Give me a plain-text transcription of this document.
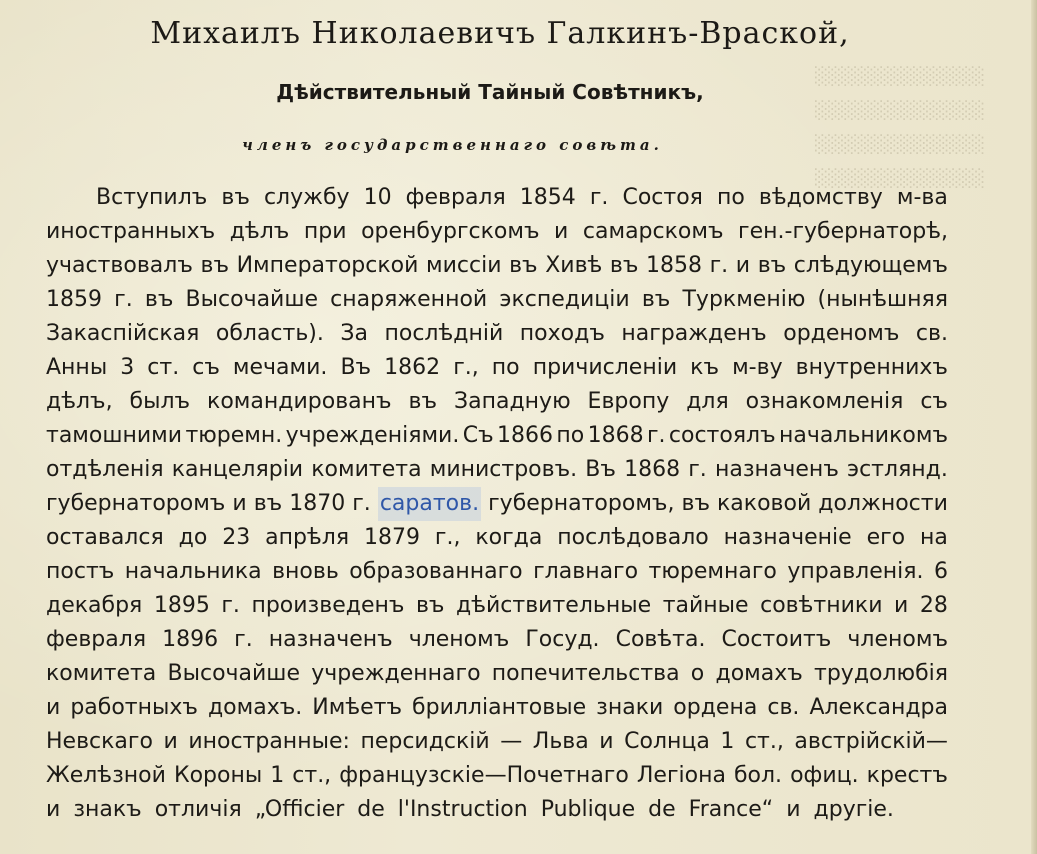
░░░░░░░░░░░░░
░░░░░░░░░░░░░
░░░░░░░░░░░░░
░░░░░░░░░░░░░
Михаилъ Николаевичъ Галкинъ-Враской,
Дѣйствительный Тайный Совѣтникъ,
членъ государственнаго совѣта.
Вступилъ въ службу 10 февраля 1854 г. Состоя по вѣдомству м-ва
иностранныхъ дѣлъ при оренбургскомъ и самарскомъ ген.-губернаторѣ,
участвовалъ въ Императорской миссіи въ Хивѣ въ 1858 г. и въ слѣдующемъ
1859 г. въ Высочайше снаряженной экспедиціи въ Туркменію (нынѣшняя
Закаспійская область). За послѣдній походъ награжденъ орденомъ св.
Анны 3 ст. съ мечами. Въ 1862 г., по причисленіи къ м-ву внутреннихъ
дѣлъ, былъ командированъ въ Западную Европу для ознакомленія съ
тамошними тюремн. учрежденіями. Съ 1866 по 1868 г. состоялъ начальникомъ
отдѣленія канцеляріи комитета министровъ. Въ 1868 г. назначенъ эстлянд.
губернаторомъ и въ 1870 г. саратов. губернаторомъ, въ каковой должности
оставался до 23 апрѣля 1879 г., когда послѣдовало назначеніе его на
постъ начальника вновь образованнаго главнаго тюремнаго управленія. 6
декабря 1895 г. произведенъ въ дѣйствительные тайные совѣтники и 28
февраля 1896 г. назначенъ членомъ Госуд. Совѣта. Состоитъ членомъ
комитета Высочайше учрежденнаго попечительства о домахъ трудолюбія
и работныхъ домахъ. Имѣетъ брилліантовые знаки ордена св. Александра
Невскаго и иностранные: персидскій — Льва и Солнца 1 ст., австрійскій—
Желѣзной Короны 1 ст., французскіе—Почетнаго Легіона бол. офиц. крестъ
и знакъ отличія „Officier de l'Instruction Publique de France“ и другіе.
